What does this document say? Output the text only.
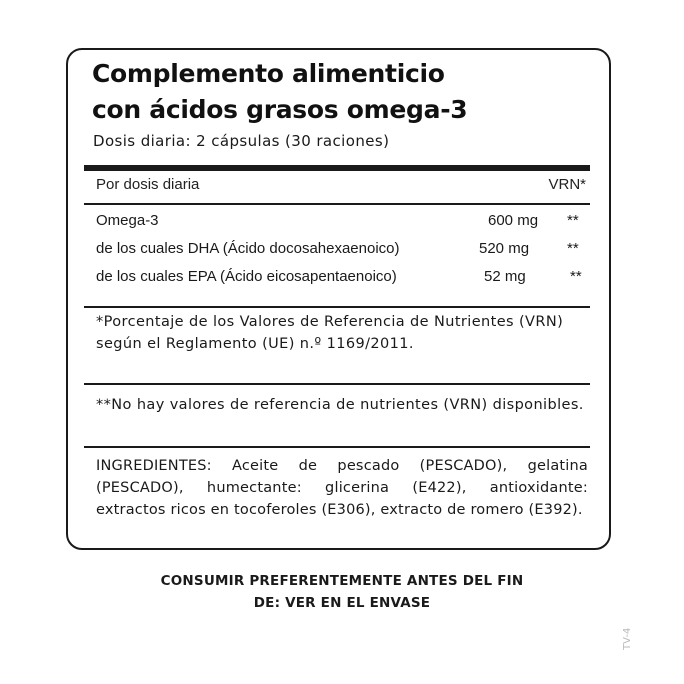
Complemento alimenticio
con ácidos grasos omega-3
Dosis diaria: 2 cápsulas (30 raciones)
Por dosis diaria	VRN*
Omega-3	600 mg **
de los cuales DHA (Ácido docosahexaenoico)	520 mg	**
de los cuales EPA (Ácido eicosapentaenoico)	52 mg	**

*Porcentaje de los Valores de Referencia de Nutrientes (VRN) según el Reglamento (UE) n.º 1169/2011.

**No hay valores de referencia de nutrientes (VRN) disponibles.

INGREDIENTES: Aceite de pescado (PESCADO), gelatina (PESCADO), humectante: glicerina (E422), antioxidante: extractos ricos en tocoferoles (E306), extracto de romero (E392).

CONSUMIR PREFERENTEMENTE ANTES DEL FIN
DE: VER EN EL ENVASE
TV-4
